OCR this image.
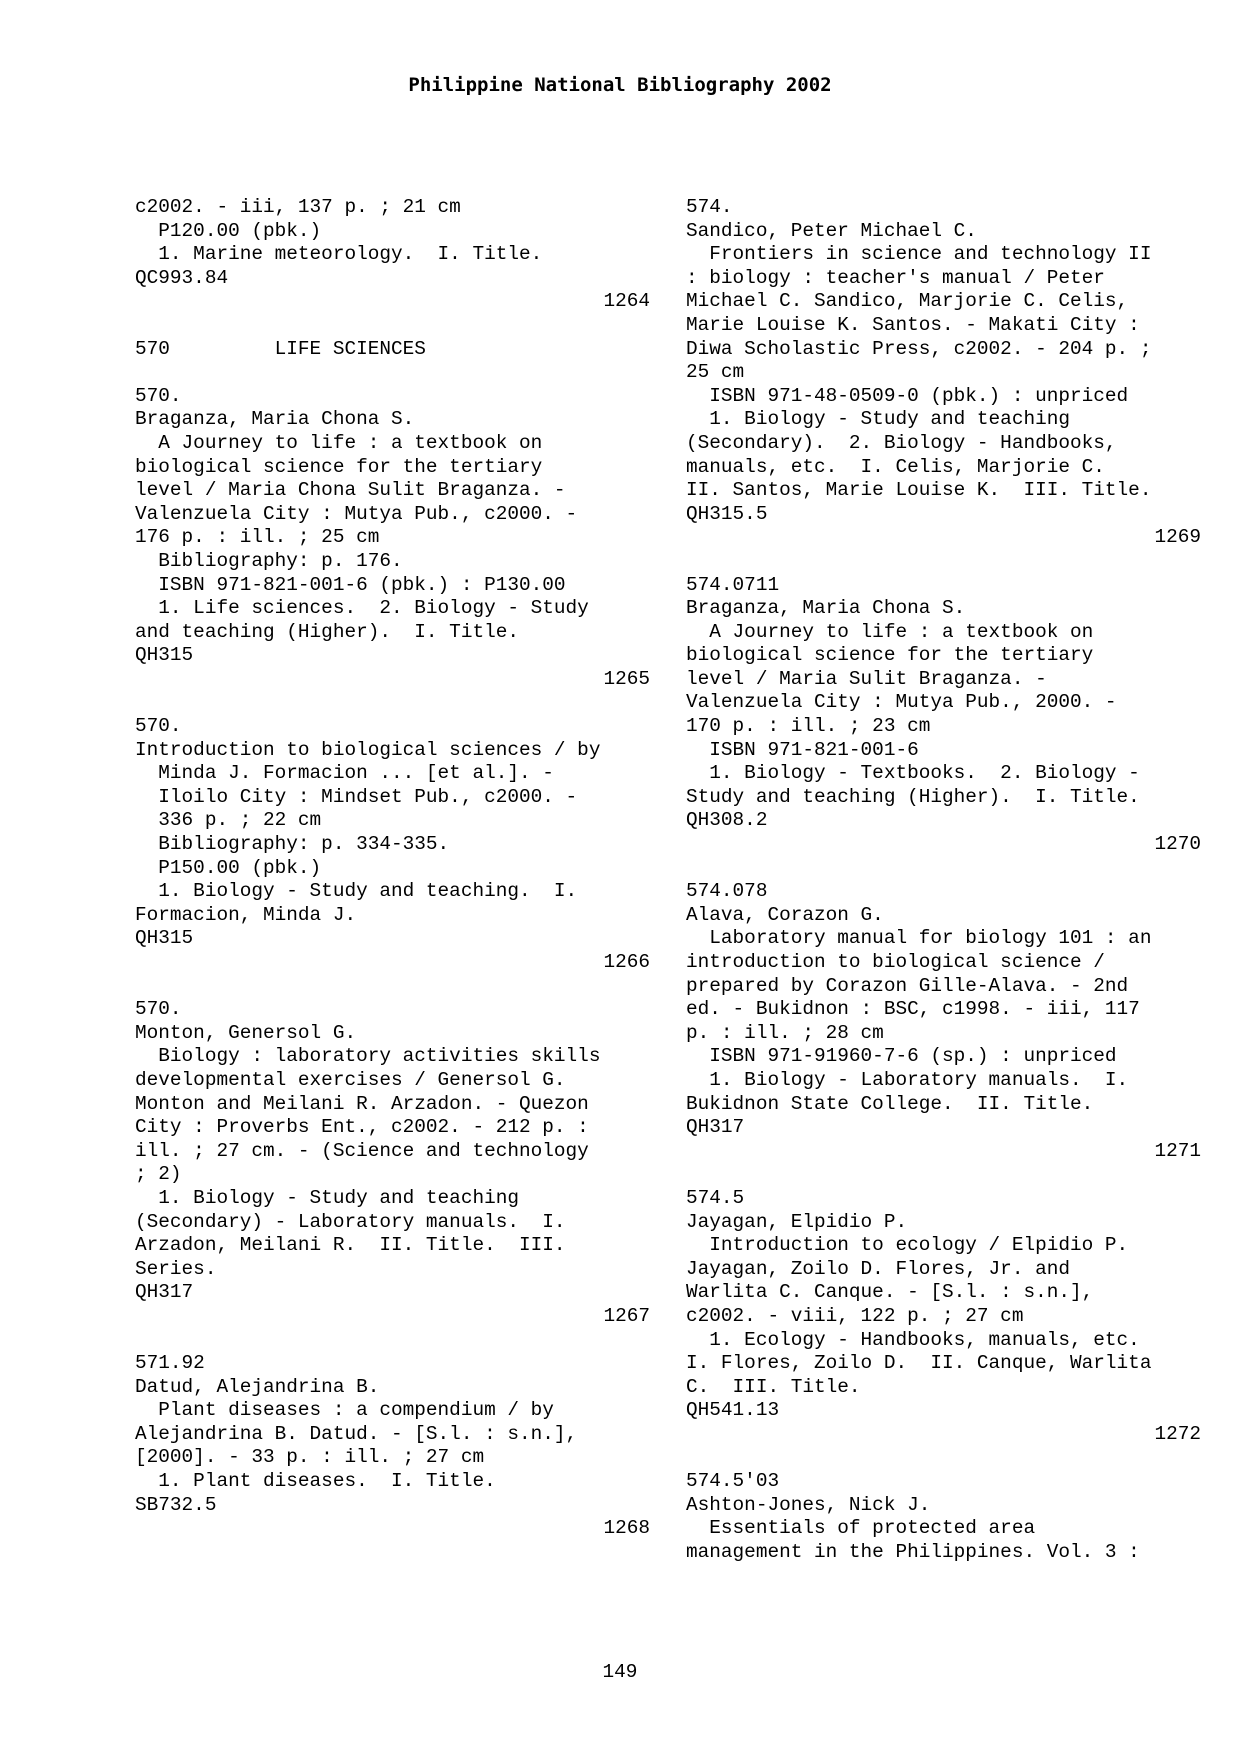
Philippine National Bibliography 2002
c2002. - iii, 137 p. ; 21 cm
P120.00 (pbk.)
1. Marine meteorology.  I. Title.
QC993.84
1264
570         LIFE SCIENCES
570.
Braganza, Maria Chona S.
A Journey to life : a textbook on
biological science for the tertiary
level / Maria Chona Sulit Braganza. -
Valenzuela City : Mutya Pub., c2000. -
176 p. : ill. ; 25 cm
Bibliography: p. 176.
ISBN 971-821-001-6 (pbk.) : P130.00
1. Life sciences.  2. Biology - Study
and teaching (Higher).  I. Title.
QH315
1265
570.
Introduction to biological sciences / by
Minda J. Formacion ... [et al.]. -
Iloilo City : Mindset Pub., c2000. -
336 p. ; 22 cm
Bibliography: p. 334-335.
P150.00 (pbk.)
1. Biology - Study and teaching.  I.
Formacion, Minda J.
QH315
1266
570.
Monton, Genersol G.
Biology : laboratory activities skills
developmental exercises / Genersol G.
Monton and Meilani R. Arzadon. - Quezon
City : Proverbs Ent., c2002. - 212 p. :
ill. ; 27 cm. - (Science and technology
; 2)
1. Biology - Study and teaching
(Secondary) - Laboratory manuals.  I.
Arzadon, Meilani R.  II. Title.  III.
Series.
QH317
1267
571.92
Datud, Alejandrina B.
Plant diseases : a compendium / by
Alejandrina B. Datud. - [S.l. : s.n.],
[2000]. - 33 p. : ill. ; 27 cm
1. Plant diseases.  I. Title.
SB732.5
1268
574.
Sandico, Peter Michael C.
Frontiers in science and technology II
: biology : teacher's manual / Peter
Michael C. Sandico, Marjorie C. Celis,
Marie Louise K. Santos. - Makati City :
Diwa Scholastic Press, c2002. - 204 p. ;
25 cm
ISBN 971-48-0509-0 (pbk.) : unpriced
1. Biology - Study and teaching
(Secondary).  2. Biology - Handbooks,
manuals, etc.  I. Celis, Marjorie C.
II. Santos, Marie Louise K.  III. Title.
QH315.5
1269
574.0711
Braganza, Maria Chona S.
A Journey to life : a textbook on
biological science for the tertiary
level / Maria Sulit Braganza. -
Valenzuela City : Mutya Pub., 2000. -
170 p. : ill. ; 23 cm
ISBN 971-821-001-6
1. Biology - Textbooks.  2. Biology -
Study and teaching (Higher).  I. Title.
QH308.2
1270
574.078
Alava, Corazon G.
Laboratory manual for biology 101 : an
introduction to biological science /
prepared by Corazon Gille-Alava. - 2nd
ed. - Bukidnon : BSC, c1998. - iii, 117
p. : ill. ; 28 cm
ISBN 971-91960-7-6 (sp.) : unpriced
1. Biology - Laboratory manuals.  I.
Bukidnon State College.  II. Title.
QH317
1271
574.5
Jayagan, Elpidio P.
Introduction to ecology / Elpidio P.
Jayagan, Zoilo D. Flores, Jr. and
Warlita C. Canque. - [S.l. : s.n.],
c2002. - viii, 122 p. ; 27 cm
1. Ecology - Handbooks, manuals, etc.
I. Flores, Zoilo D.  II. Canque, Warlita
C.  III. Title.
QH541.13
1272
574.5'03
Ashton-Jones, Nick J.
Essentials of protected area
management in the Philippines. Vol. 3 :
149
